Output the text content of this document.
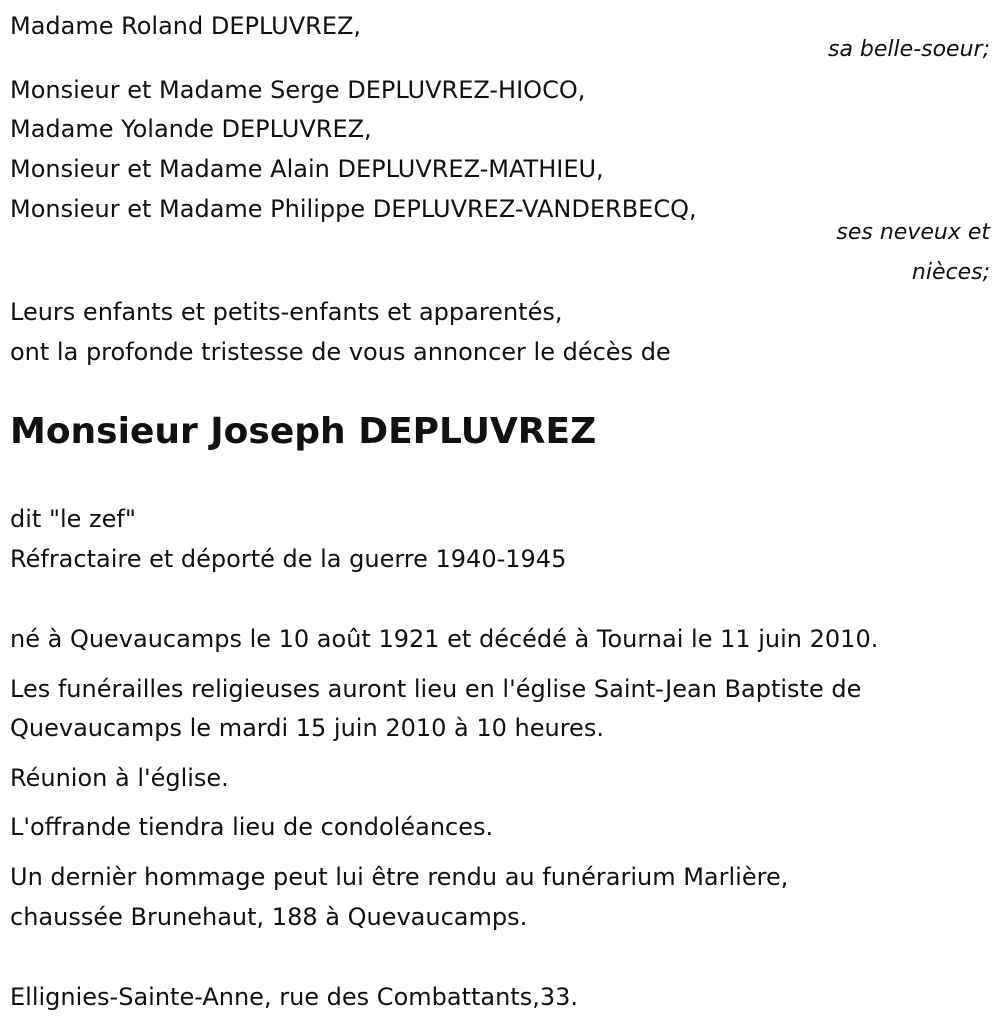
Madame Roland DEPLUVREZ,
sa belle-soeur;
Monsieur et Madame Serge DEPLUVREZ-HIOCO,
Madame Yolande DEPLUVREZ,
Monsieur et Madame Alain DEPLUVREZ-MATHIEU,
Monsieur et Madame Philippe DEPLUVREZ-VANDERBECQ,
ses neveux et
nièces;
Leurs enfants et petits-enfants et apparentés,
ont la profonde tristesse de vous annoncer le décès de
Monsieur Joseph DEPLUVREZ
dit "le zef"
Réfractaire et déporté de la guerre 1940-1945
né à Quevaucamps le 10 août 1921 et décédé à Tournai le 11 juin 2010.
Les funérailles religieuses auront lieu en l'église Saint-Jean Baptiste de
Quevaucamps le mardi 15 juin 2010 à 10 heures.
Réunion à l'église.
L'offrande tiendra lieu de condoléances.
Un dernièr hommage peut lui être rendu au funérarium Marlière,
chaussée Brunehaut, 188 à Quevaucamps.
Ellignies-Sainte-Anne, rue des Combattants,33.
